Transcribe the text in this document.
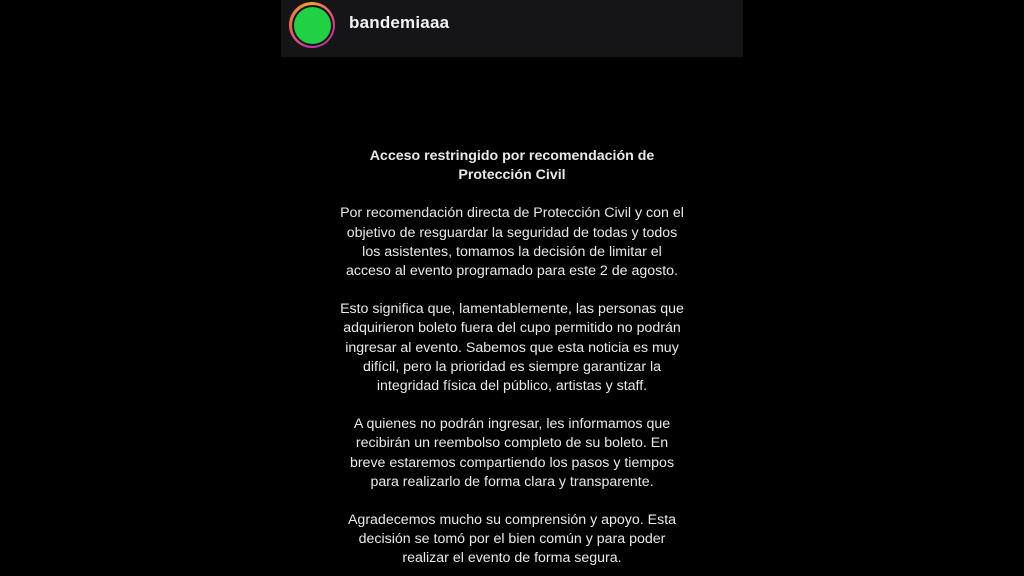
bandemiaaa
Acceso restringido por recomendación de
Protección Civil
Por recomendación directa de Protección Civil y con el
objetivo de resguardar la seguridad de todas y todos
los asistentes, tomamos la decisión de limitar el
acceso al evento programado para este 2 de agosto.
Esto significa que, lamentablemente, las personas que
adquirieron boleto fuera del cupo permitido no podrán
ingresar al evento. Sabemos que esta noticia es muy
difícil, pero la prioridad es siempre garantizar la
integridad física del público, artistas y staff.
A quienes no podrán ingresar, les informamos que
recibirán un reembolso completo de su boleto. En
breve estaremos compartiendo los pasos y tiempos
para realizarlo de forma clara y transparente.
Agradecemos mucho su comprensión y apoyo. Esta
decisión se tomó por el bien común y para poder
realizar el evento de forma segura.
